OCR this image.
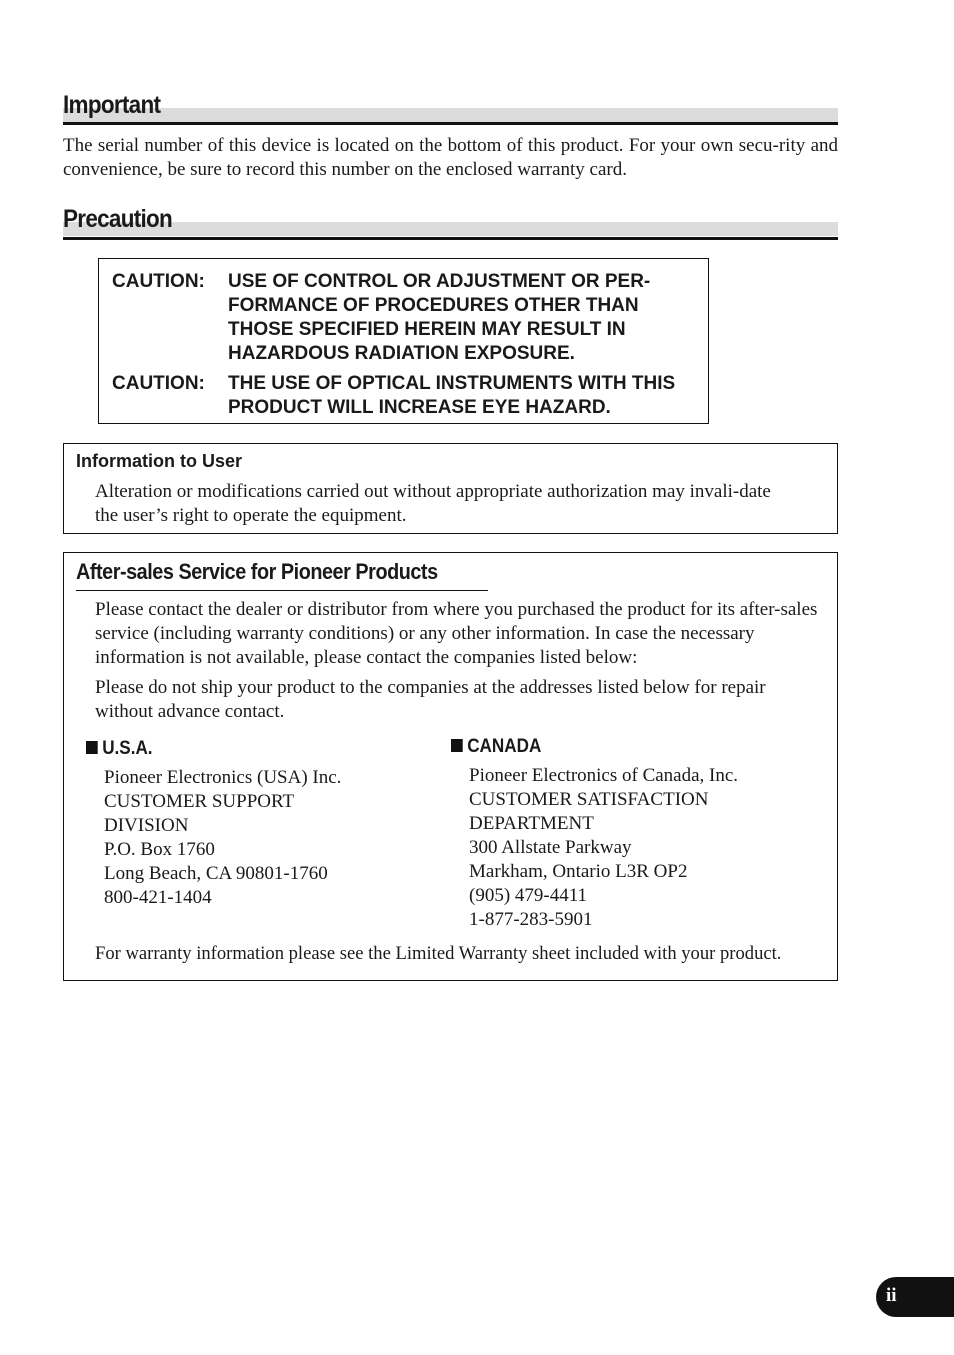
Important

The serial number of this device is located on the bottom of this product. For your own secu-rity and convenience, be sure to record this number on the enclosed warranty card.

Precaution
CAUTION: USE OF CONTROL OR ADJUSTMENT OR PER-FORMANCE OF PROCEDURES OTHER THAN THOSE SPECIFIED HEREIN MAY RESULT IN HAZARDOUS RADIATION EXPOSURE.

CAUTION: THE USE OF OPTICAL INSTRUMENTS WITH THIS PRODUCT WILL INCREASE EYE HAZARD.

Information to User

Alteration or modifications carried out without appropriate authorization may invali-date the user’s right to operate the equipment.

After-sales Service for Pioneer Products

Please contact the dealer or distributor from where you purchased the product for its after-sales service (including warranty conditions) or any other information. In case the necessary information is not available, please contact the companies listed below:

Please do not ship your product to the companies at the addresses listed below for repair without advance contact.

U.S.A.
Pioneer Electronics (USA) Inc.
CUSTOMER SUPPORT
DIVISION
P.O. Box 1760
Long Beach, CA 90801-1760
800-421-1404
CANADA
Pioneer Electronics of Canada, Inc.
CUSTOMER SATISFACTION
DEPARTMENT
300 Allstate Parkway
Markham, Ontario L3R OP2
(905) 479-4411
1-877-283-5901

For warranty information please see the Limited Warranty sheet included with your product.

ii
